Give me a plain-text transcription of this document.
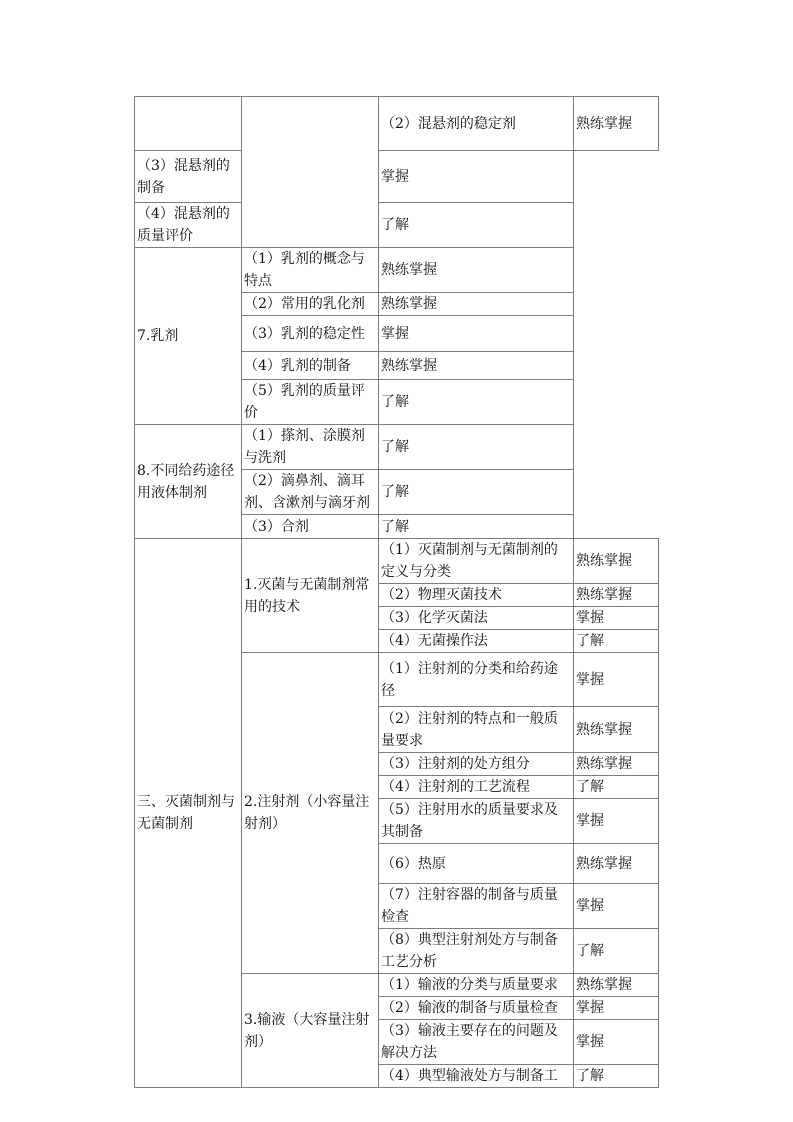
		（2）混悬剂的稳定剂	熟练掌握
（3）混悬剂的制备		掌握	
（4）混悬剂的质量评价		了解	
7.乳剂	（1）乳剂的概念与特点	熟练掌握	
	（2）常用的乳化剂	熟练掌握	
	（3）乳剂的稳定性	掌握	
	（4）乳剂的制备	熟练掌握	
	（5）乳剂的质量评价	了解	
8.不同给药途径用液体制剂	（1）搽剂、涂膜剂与洗剂	了解	
	（2）滴鼻剂、滴耳剂、含漱剂与滴牙剂	了解	
	（3）合剂	了解	
三、灭菌制剂与无菌制剂	1.灭菌与无菌制剂常用的技术	（1）灭菌制剂与无菌制剂的定义与分类	熟练掌握
		（2）物理灭菌技术	熟练掌握
		（3）化学灭菌法	掌握
		（4）无菌操作法	了解
	2.注射剂（小容量注射剂）	（1）注射剂的分类和给药途径	掌握
		（2）注射剂的特点和一般质量要求	熟练掌握
		（3）注射剂的处方组分	熟练掌握
		（4）注射剂的工艺流程	了解
		（5）注射用水的质量要求及其制备	掌握
		（6）热原	熟练掌握
		（7）注射容器的制备与质量检查	掌握
		（8）典型注射剂处方与制备工艺分析	了解
	3.输液（大容量注射剂）	（1）输液的分类与质量要求	熟练掌握
		（2）输液的制备与质量检查	掌握
		（3）输液主要存在的问题及解决方法	掌握
		（4）典型输液处方与制备工	了解
